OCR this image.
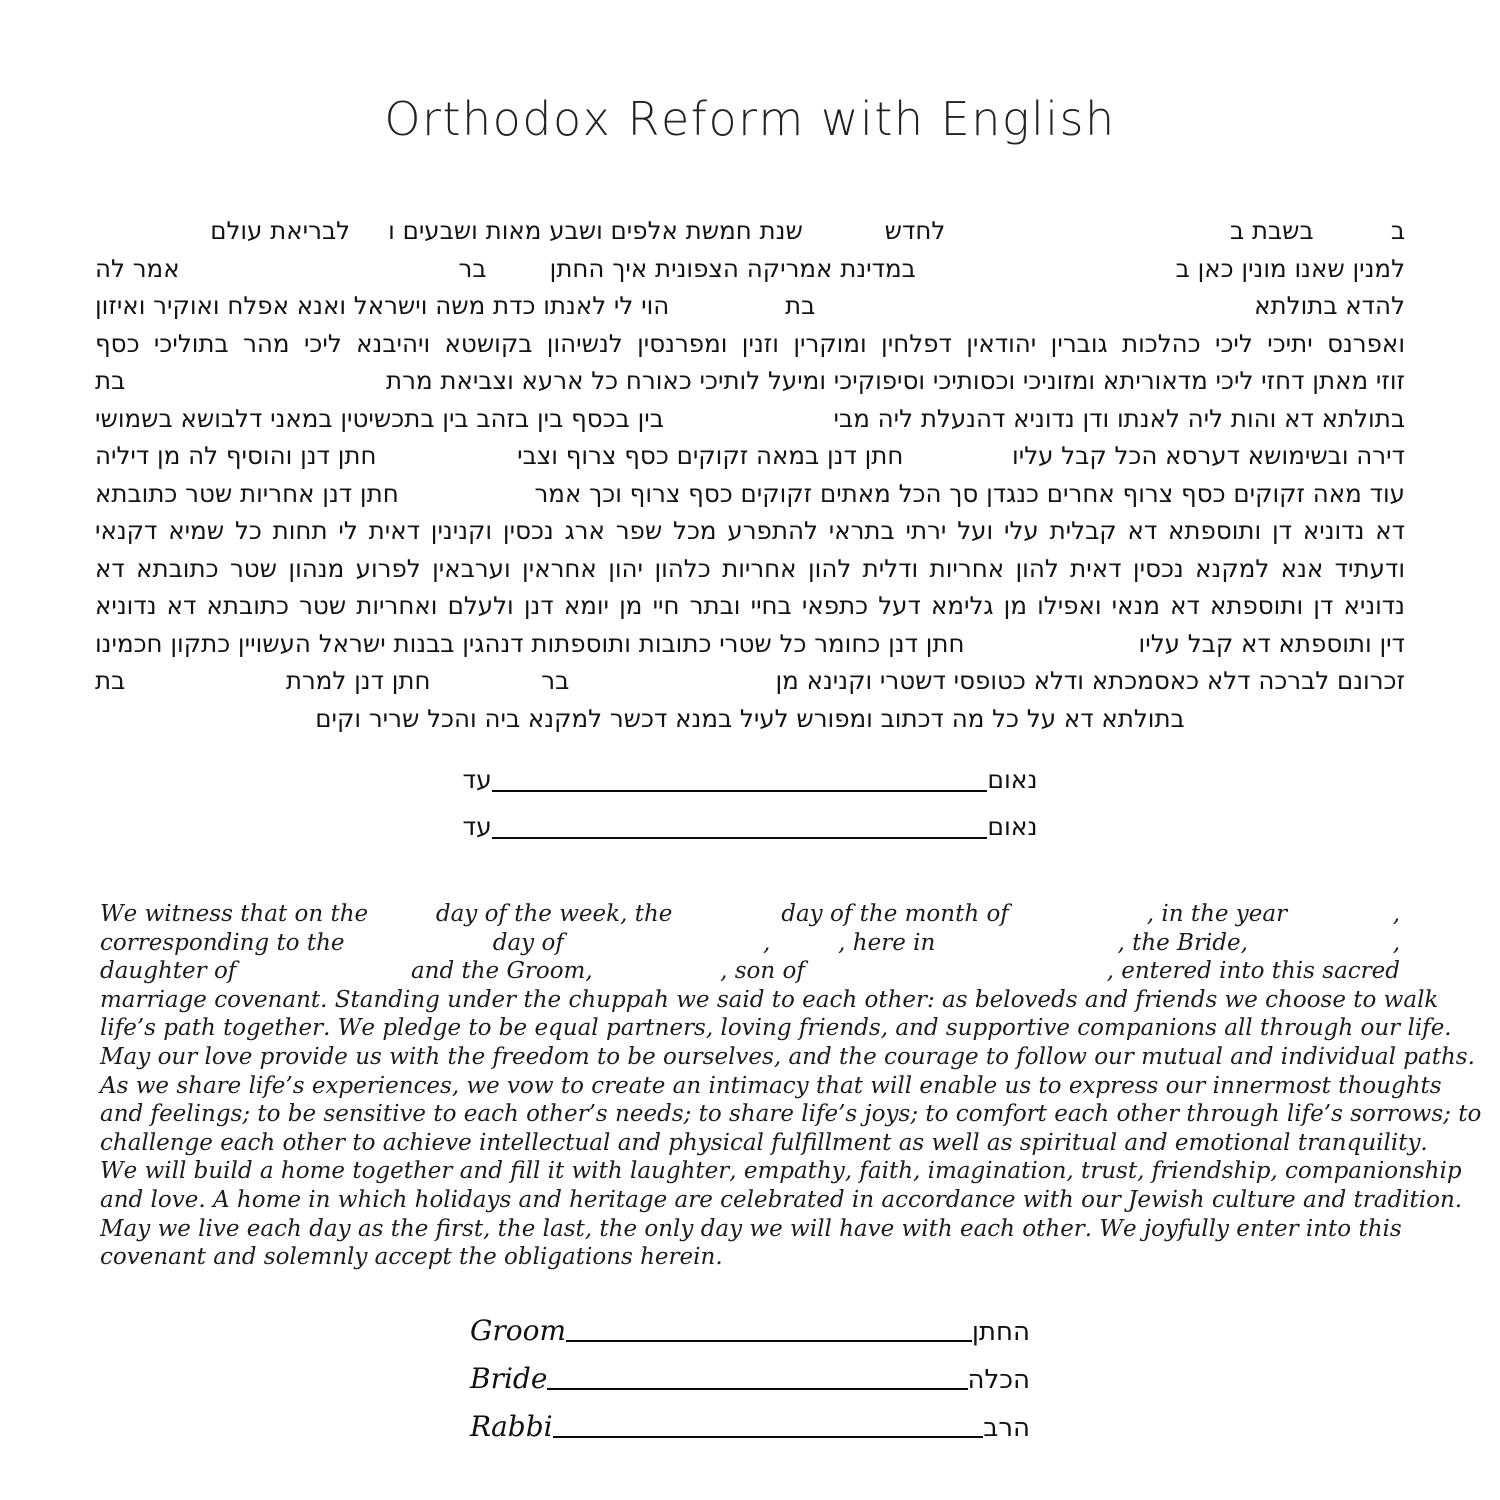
Orthodox Reform with English
ב
בשבת ב
לחדש
שנת חמשת אלפים ושבע מאות ושבעים ו
לבריאת עולם
למנין שאנו מונין כאן ב
במדינת אמריקה הצפונית איך החתן
בר
אמר לה
להדא בתולתא
בת
הוי לי לאנתו כדת משה וישראל ואנא אפלח ואוקיר ואיזון
ואפרנס יתיכי ליכי כהלכות גוברין יהודאין דפלחין ומוקרין וזנין ומפרנסין לנשיהון בקושטא ויהיבנא ליכי מהר בתוליכי כסף
זוזי מאתן דחזי ליכי מדאוריתא ומזוניכי וכסותיכי וסיפוקיכי ומיעל לותיכי כאורח כל ארעא וצביאת מרת
בת
בתולתא דא והות ליה לאנתו ודן נדוניא דהנעלת ליה מבי
בין בכסף בין בזהב בין בתכשיטין במאני דלבושא בשמושי
דירה ובשימושא דערסא הכל קבל עליו
חתן דנן במאה זקוקים כסף צרוף וצבי
חתן דנן והוסיף לה מן דיליה
עוד מאה זקוקים כסף צרוף אחרים כנגדן סך הכל מאתים זקוקים כסף צרוף וכך אמר
חתן דנן אחריות שטר כתובתא
דא נדוניא דן ותוספתא דא קבלית עלי ועל ירתי בתראי להתפרע מכל שפר ארג נכסין וקנינין דאית לי תחות כל שמיא דקנאי
ודעתיד אנא למקנא נכסין דאית להון אחריות ודלית להון אחריות כלהון יהון אחראין וערבאין לפרוע מנהון שטר כתובתא דא
נדוניא דן ותוספתא דא מנאי ואפילו מן גלימא דעל כתפאי בחיי ובתר חיי מן יומא דנן ולעלם ואחריות שטר כתובתא דא נדוניא
דין ותוספתא דא קבל עליו
חתן דנן כחומר כל שטרי כתובות ותוספתות דנהגין בבנות ישראל העשויין כתקון חכמינו
זכרונם לברכה דלא כאסמכתא ודלא כטופסי דשטרי וקנינא מן
בר
חתן דנן למרת
בת
בתולתא דא על כל מה דכתוב ומפורש לעיל במנא דכשר למקנא ביה והכל שריר וקים
נאום
עד
נאום
עד
We witness that on the	day of the week, the	day of the month of	, in the year	,
corresponding to the	day of	,	, here in	, the Bride,	,
daughter of	and the Groom,	, son of	, entered into this sacred
marriage covenant. Standing under the chuppah we said to each other: as beloveds and friends we choose to walk
life’s path together. We pledge to be equal partners, loving friends, and supportive companions all through our life.
May our love provide us with the freedom to be ourselves, and the courage to follow our mutual and individual paths.
As we share life’s experiences, we vow to create an intimacy that will enable us to express our innermost thoughts
and feelings; to be sensitive to each other’s needs; to share life’s joys; to comfort each other through life’s sorrows; to
challenge each other to achieve intellectual and physical fulfillment as well as spiritual and emotional tranquility.
We will build a home together and fill it with laughter, empathy, faith, imagination, trust, friendship, companionship
and love. A home in which holidays and heritage are celebrated in accordance with our Jewish culture and tradition.
May we live each day as the first, the last, the only day we will have with each other. We joyfully enter into this
covenant and solemnly accept the obligations herein.
Groom	החתן
Bride	הכלה
Rabbi	הרב
